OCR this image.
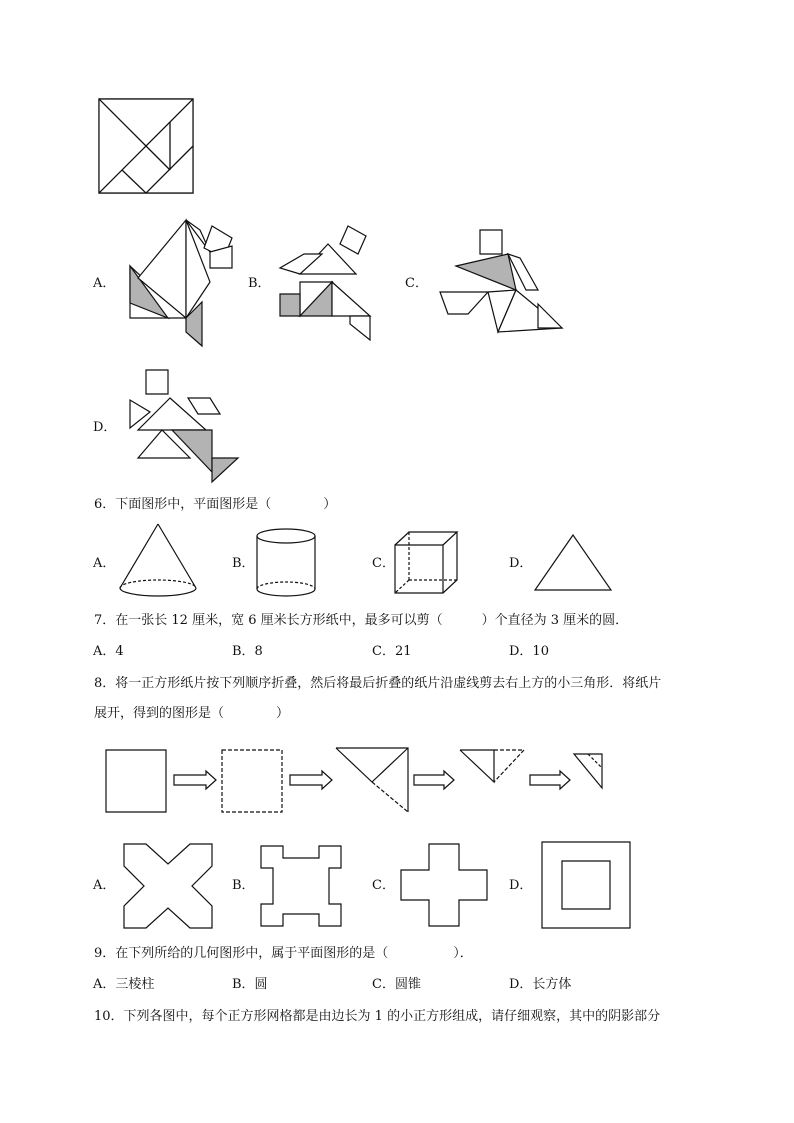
A．	B．	C．
D．
6．下面图形中，平面图形是（　　　　）
A．	B．	C．	D．
7．在一张长 12 厘米，宽 6 厘米长方形纸中，最多可以剪（　　　）个直径为 3 厘米的圆．
A．4	B．8	C．21	D．10
8．将一正方形纸片按下列顺序折叠，然后将最后折叠的纸片沿虚线剪去右上方的小三角形．将纸片
展开，得到的图形是（　　　　）
A．	B．	C．	D．
9．在下列所给的几何图形中，属于平面图形的是（　　　　　）．
A．三棱柱	B．圆	C．圆锥	D．长方体
10．下列各图中，每个正方形网格都是由边长为 1 的小正方形组成，请仔细观察，其中的阴影部分
